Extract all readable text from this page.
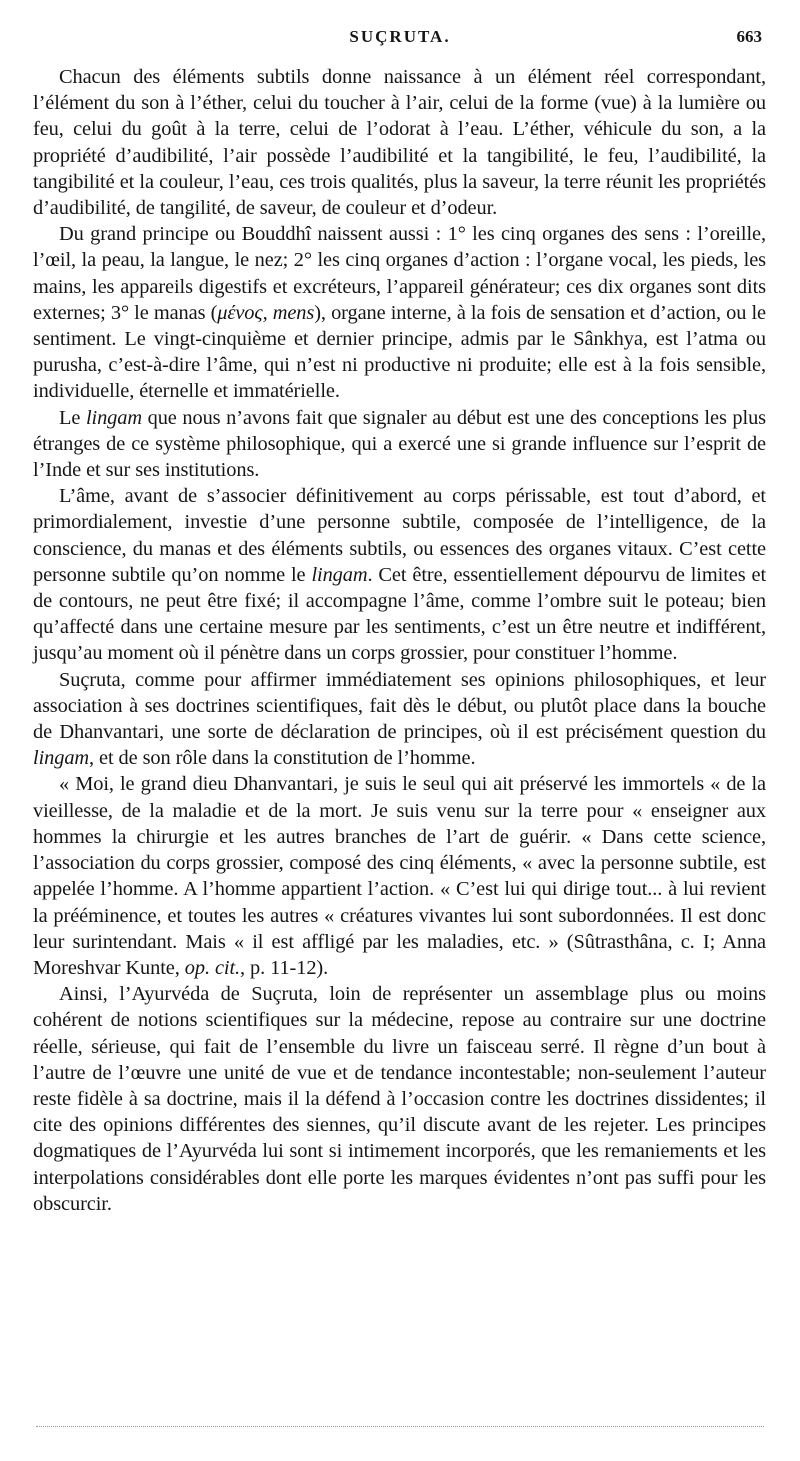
SUÇRUTA.	663

Chacun des éléments subtils donne naissance à un élément réel correspondant, l’élément du son à l’éther, celui du toucher à l’air, celui de la forme (vue) à la lumière ou feu, celui du goût à la terre, celui de l’odorat à l’eau. L’éther, véhicule du son, a la propriété d’audibilité, l’air possède l’audibilité et la tangibilité, le feu, l’audibilité, la tangibilité et la couleur, l’eau, ces trois qualités, plus la saveur, la terre réunit les propriétés d’audibilité, de tangilité, de saveur, de couleur et d’odeur.

Du grand principe ou Bouddhî naissent aussi : 1° les cinq organes des sens : l’oreille, l’œil, la peau, la langue, le nez; 2° les cinq organes d’action : l’organe vocal, les pieds, les mains, les appareils digestifs et excréteurs, l’appareil générateur; ces dix organes sont dits externes; 3° le manas (μένος, mens), organe interne, à la fois de sensation et d’action, ou le sentiment. Le vingt-cinquième et dernier principe, admis par le Sânkhya, est l’atma ou purusha, c’est-à-dire l’âme, qui n’est ni productive ni produite; elle est à la fois sensible, individuelle, éternelle et immatérielle.

Le lingam que nous n’avons fait que signaler au début est une des conceptions les plus étranges de ce système philosophique, qui a exercé une si grande influence sur l’esprit de l’Inde et sur ses institutions.

L’âme, avant de s’associer définitivement au corps périssable, est tout d’abord, et primordialement, investie d’une personne subtile, composée de l’intelligence, de la conscience, du manas et des éléments subtils, ou essences des organes vitaux. C’est cette personne subtile qu’on nomme le lingam. Cet être, essentiellement dépourvu de limites et de contours, ne peut être fixé; il accompagne l’âme, comme l’ombre suit le poteau; bien qu’affecté dans une certaine mesure par les sentiments, c’est un être neutre et indifférent, jusqu’au moment où il pénètre dans un corps grossier, pour constituer l’homme.

Suçruta, comme pour affirmer immédiatement ses opinions philosophiques, et leur association à ses doctrines scientifiques, fait dès le début, ou plutôt place dans la bouche de Dhanvantari, une sorte de déclaration de principes, où il est précisément question du lingam, et de son rôle dans la constitution de l’homme.

« Moi, le grand dieu Dhanvantari, je suis le seul qui ait préservé les immortels « de la vieillesse, de la maladie et de la mort. Je suis venu sur la terre pour « enseigner aux hommes la chirurgie et les autres branches de l’art de guérir. « Dans cette science, l’association du corps grossier, composé des cinq éléments, « avec la personne subtile, est appelée l’homme. A l’homme appartient l’action. « C’est lui qui dirige tout... à lui revient la prééminence, et toutes les autres « créatures vivantes lui sont subordonnées. Il est donc leur surintendant. Mais « il est affligé par les maladies, etc. » (Sûtrasthâna, c. I; Anna Moreshvar Kunte, op. cit., p. 11-12).

Ainsi, l’Ayurvéda de Suçruta, loin de représenter un assemblage plus ou moins cohérent de notions scientifiques sur la médecine, repose au contraire sur une doctrine réelle, sérieuse, qui fait de l’ensemble du livre un faisceau serré. Il règne d’un bout à l’autre de l’œuvre une unité de vue et de tendance incontestable; non-seulement l’auteur reste fidèle à sa doctrine, mais il la défend à l’occasion contre les doctrines dissidentes; il cite des opinions différentes des siennes, qu’il discute avant de les rejeter. Les principes dogmatiques de l’Ayurvéda lui sont si intimement incorporés, que les remaniements et les interpolations considérables dont elle porte les marques évidentes n’ont pas suffi pour les obscurcir.
